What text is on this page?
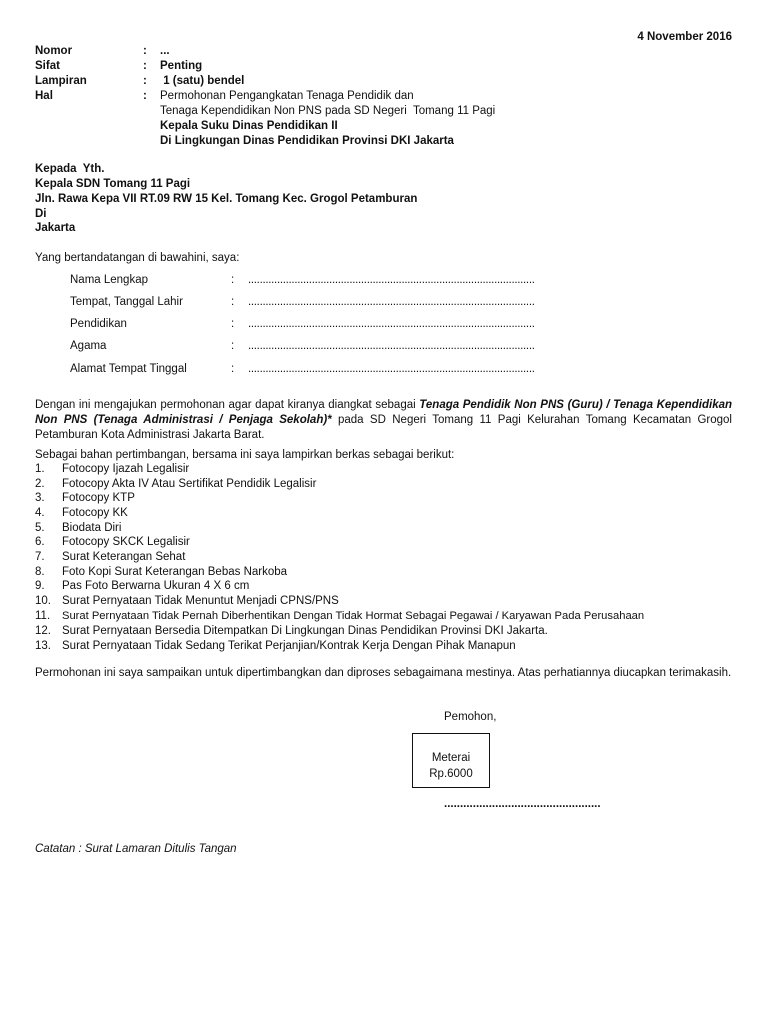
4 November 2016
Nomor	: ...
Sifat	: Penting
Lampiran	: 1 (satu) bendel
Hal	: Permohonan Pengangkatan Tenaga Pendidik dan
Tenaga Kependidikan Non PNS pada SD Negeri  Tomang 11 Pagi
Kepala Suku Dinas Pendidikan II
Di Lingkungan Dinas Pendidikan Provinsi DKI Jakarta
Kepada  Yth.
Kepala SDN Tomang 11 Pagi
Jln. Rawa Kepa VII RT.09 RW 15 Kel. Tomang Kec. Grogol Petamburan
Di
Jakarta
Yang bertandatangan di bawahini, saya:
Nama Lengkap	: ...................................................................................................
Tempat, Tanggal Lahir	: ...................................................................................................
Pendidikan	: ...................................................................................................
Agama	: ...................................................................................................
Alamat Tempat Tinggal	: ...................................................................................................
Dengan ini mengajukan permohonan agar dapat kiranya diangkat sebagai Tenaga Pendidik Non PNS (Guru) / Tenaga Kependidikan Non PNS (Tenaga Administrasi / Penjaga Sekolah)* pada SD Negeri Tomang 11 Pagi Kelurahan Tomang Kecamatan Grogol Petamburan Kota Administrasi Jakarta Barat.
Sebagai bahan pertimbangan, bersama ini saya lampirkan berkas sebagai berikut:
1. Fotocopy Ijazah Legalisir
2. Fotocopy Akta IV Atau Sertifikat Pendidik Legalisir
3. Fotocopy KTP
4. Fotocopy KK
5. Biodata Diri
6. Fotocopy SKCK Legalisir
7. Surat Keterangan Sehat
8. Foto Kopi Surat Keterangan Bebas Narkoba
9. Pas Foto Berwarna Ukuran 4 X 6 cm
10. Surat Pernyataan Tidak Menuntut Menjadi CPNS/PNS
11. Surat Pernyataan Tidak Pernah Diberhentikan Dengan Tidak Hormat Sebagai Pegawai / Karyawan Pada Perusahaan
12. Surat Pernyataan Bersedia Ditempatkan Di Lingkungan Dinas Pendidikan Provinsi DKI Jakarta.
13. Surat Pernyataan Tidak Sedang Terikat Perjanjian/Kontrak Kerja Dengan Pihak Manapun
Permohonan ini saya sampaikan untuk dipertimbangkan dan diproses sebagaimana mestinya. Atas perhatiannya diucapkan terimakasih.
Pemohon,
Meterai
Rp.6000
.................................................
Catatan : Surat Lamaran Ditulis Tangan
